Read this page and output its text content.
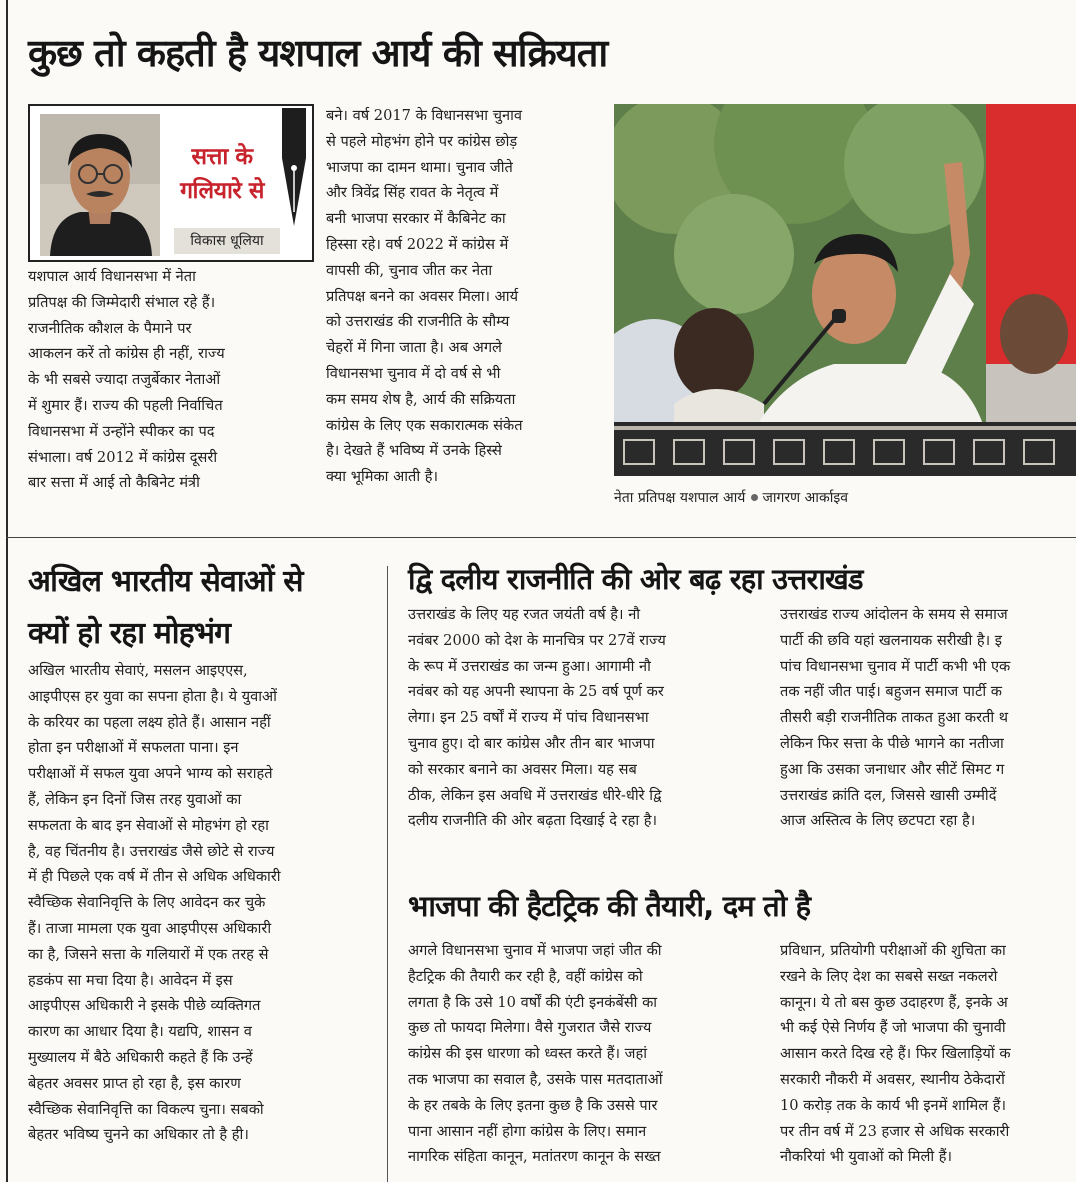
कुछ तो कहती है यशपाल आर्य की सक्रियता
सत्ता के
गलियारे से
विकास धूलिया

यशपाल आर्य विधानसभा में नेता

प्रतिपक्ष की जिम्मेदारी संभाल रहे हैं।

राजनीतिक कौशल के पैमाने पर

आकलन करें तो कांग्रेस ही नहीं, राज्य

के भी सबसे ज्यादा तजुर्बेकार नेताओं

में शुमार हैं। राज्य की पहली निर्वाचित

विधानसभा में उन्होंने स्पीकर का पद

संभाला। वर्ष 2012 में कांग्रेस दूसरी

बार सत्ता में आई तो कैबिनेट मंत्री

बने। वर्ष 2017 के विधानसभा चुनाव

से पहले मोहभंग होने पर कांग्रेस छोड़

भाजपा का दामन थामा। चुनाव जीते

और त्रिवेंद्र सिंह रावत के नेतृत्व में

बनी भाजपा सरकार में कैबिनेट का

हिस्सा रहे। वर्ष 2022 में कांग्रेस में

वापसी की, चुनाव जीत कर नेता

प्रतिपक्ष बनने का अवसर मिला। आर्य

को उत्तराखंड की राजनीति के सौम्य

चेहरों में गिना जाता है। अब अगले

विधानसभा चुनाव में दो वर्ष से भी

कम समय शेष है, आर्य की सक्रियता

कांग्रेस के लिए एक सकारात्मक संकेत

है। देखते हैं भविष्य में उनके हिस्से

क्या भूमिका आती है।

नेता प्रतिपक्ष यशपाल आर्य जागरण आर्काइव
अखिल भारतीय सेवाओं से
क्यों हो रहा मोहभंग

अखिल भारतीय सेवाएं, मसलन आइएएस,

आइपीएस हर युवा का सपना होता है। ये युवाओं

के करियर का पहला लक्ष्य होते हैं। आसान नहीं

होता इन परीक्षाओं में सफलता पाना। इन

परीक्षाओं में सफल युवा अपने भाग्य को सराहते

हैं, लेकिन इन दिनों जिस तरह युवाओं का

सफलता के बाद इन सेवाओं से मोहभंग हो रहा

है, वह चिंतनीय है। उत्तराखंड जैसे छोटे से राज्य

में ही पिछले एक वर्ष में तीन से अधिक अधिकारी

स्वैच्छिक सेवानिवृत्ति के लिए आवेदन कर चुके

हैं। ताजा मामला एक युवा आइपीएस अधिकारी

का है, जिसने सत्ता के गलियारों में एक तरह से

हडकंप सा मचा दिया है। आवेदन में इस

आइपीएस अधिकारी ने इसके पीछे व्यक्तिगत

कारण का आधार दिया है। यद्यपि, शासन व

मुख्यालय में बैठे अधिकारी कहते हैं कि उन्हें

बेहतर अवसर प्राप्त हो रहा है, इस कारण

स्वैच्छिक सेवानिवृत्ति का विकल्प चुना। सबको

बेहतर भविष्य चुनने का अधिकार तो है ही।

द्वि दलीय राजनीति की ओर बढ़ रहा उत्तराखंड

उत्तराखंड के लिए यह रजत जयंती वर्ष है। नौ

नवंबर 2000 को देश के मानचित्र पर 27वें राज्य

के रूप में उत्तराखंड का जन्म हुआ। आगामी नौ

नवंबर को यह अपनी स्थापना के 25 वर्ष पूर्ण कर

लेगा। इन 25 वर्षों में राज्य में पांच विधानसभा

चुनाव हुए। दो बार कांग्रेस और तीन बार भाजपा

को सरकार बनाने का अवसर मिला। यह सब

ठीक, लेकिन इस अवधि में उत्तराखंड धीरे-धीरे द्वि

दलीय राजनीति की ओर बढ़ता दिखाई दे रहा है।

उत्तराखंड राज्य आंदोलन के समय से समाज

पार्टी की छवि यहां खलनायक सरीखी है। इ

पांच विधानसभा चुनाव में पार्टी कभी भी एक

तक नहीं जीत पाई। बहुजन समाज पार्टी क

तीसरी बड़ी राजनीतिक ताकत हुआ करती थ

लेकिन फिर सत्ता के पीछे भागने का नतीजा

हुआ कि उसका जनाधार और सीटें सिमट ग

उत्तराखंड क्रांति दल, जिससे खासी उम्मीदें

आज अस्तित्व के लिए छटपटा रहा है।

भाजपा की हैटट्रिक की तैयारी, दम तो है

अगले विधानसभा चुनाव में भाजपा जहां जीत की

हैटट्रिक की तैयारी कर रही है, वहीं कांग्रेस को

लगता है कि उसे 10 वर्षों की एंटी इनकंबेंसी का

कुछ तो फायदा मिलेगा। वैसे गुजरात जैसे राज्य

कांग्रेस की इस धारणा को ध्वस्त करते हैं। जहां

तक भाजपा का सवाल है, उसके पास मतदाताओं

के हर तबके के लिए इतना कुछ है कि उससे पार

पाना आसान नहीं होगा कांग्रेस के लिए। समान

नागरिक संहिता कानून, मतांतरण कानून के सख्त

प्रविधान, प्रतियोगी परीक्षाओं की शुचिता का

रखने के लिए देश का सबसे सख्त नकलरो

कानून। ये तो बस कुछ उदाहरण हैं, इनके अ

भी कई ऐसे निर्णय हैं जो भाजपा की चुनावी

आसान करते दिख रहे हैं। फिर खिलाड़ियों क

सरकारी नौकरी में अवसर, स्थानीय ठेकेदारों

10 करोड़ तक के कार्य भी इनमें शामिल हैं।

पर तीन वर्ष में 23 हजार से अधिक सरकारी

नौकरियां भी युवाओं को मिली हैं।
